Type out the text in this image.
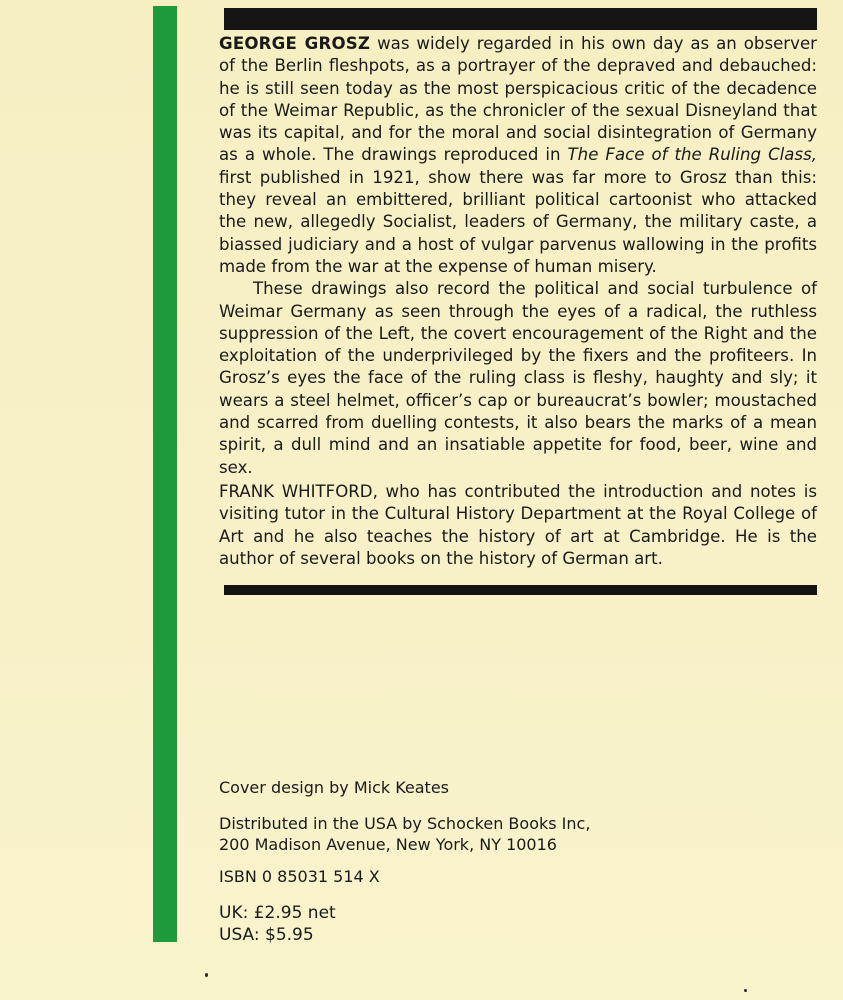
GEORGE GROSZ was widely regarded in his own day as an observer of the Berlin fleshpots, as a portrayer of the depraved and debauched: he is still seen today as the most perspicacious critic of the decadence of the Weimar Republic, as the chronicler of the sexual Disneyland that was its capital, and for the moral and social disintegration of Germany as a whole. The drawings reproduced in The Face of the Ruling Class, first published in 1921, show there was far more to Grosz than this: they reveal an embittered, brilliant political cartoonist who attacked the new, allegedly Socialist, leaders of Germany, the military caste, a biassed judiciary and a host of vulgar parvenus wallowing in the profits made from the war at the expense of human misery.

These drawings also record the political and social turbulence of Weimar Germany as seen through the eyes of a radical, the ruthless suppression of the Left, the covert encouragement of the Right and the exploitation of the underprivileged by the fixers and the profiteers. In Grosz’s eyes the face of the ruling class is fleshy, haughty and sly; it wears a steel helmet, officer’s cap or bureaucrat’s bowler; moustached and scarred from duelling contests, it also bears the marks of a mean spirit, a dull mind and an insatiable appetite for food, beer, wine and sex.

FRANK WHITFORD, who has contributed the introduction and notes is visiting tutor in the Cultural History Department at the Royal College of Art and he also teaches the history of art at Cambridge. He is the author of several books on the history of German art.

Cover design by Mick Keates

Distributed in the USA by Schocken Books Inc,
200 Madison Avenue, New York, NY 10016

ISBN 0 85031 514 X

UK: £2.95 net
USA: $5.95
